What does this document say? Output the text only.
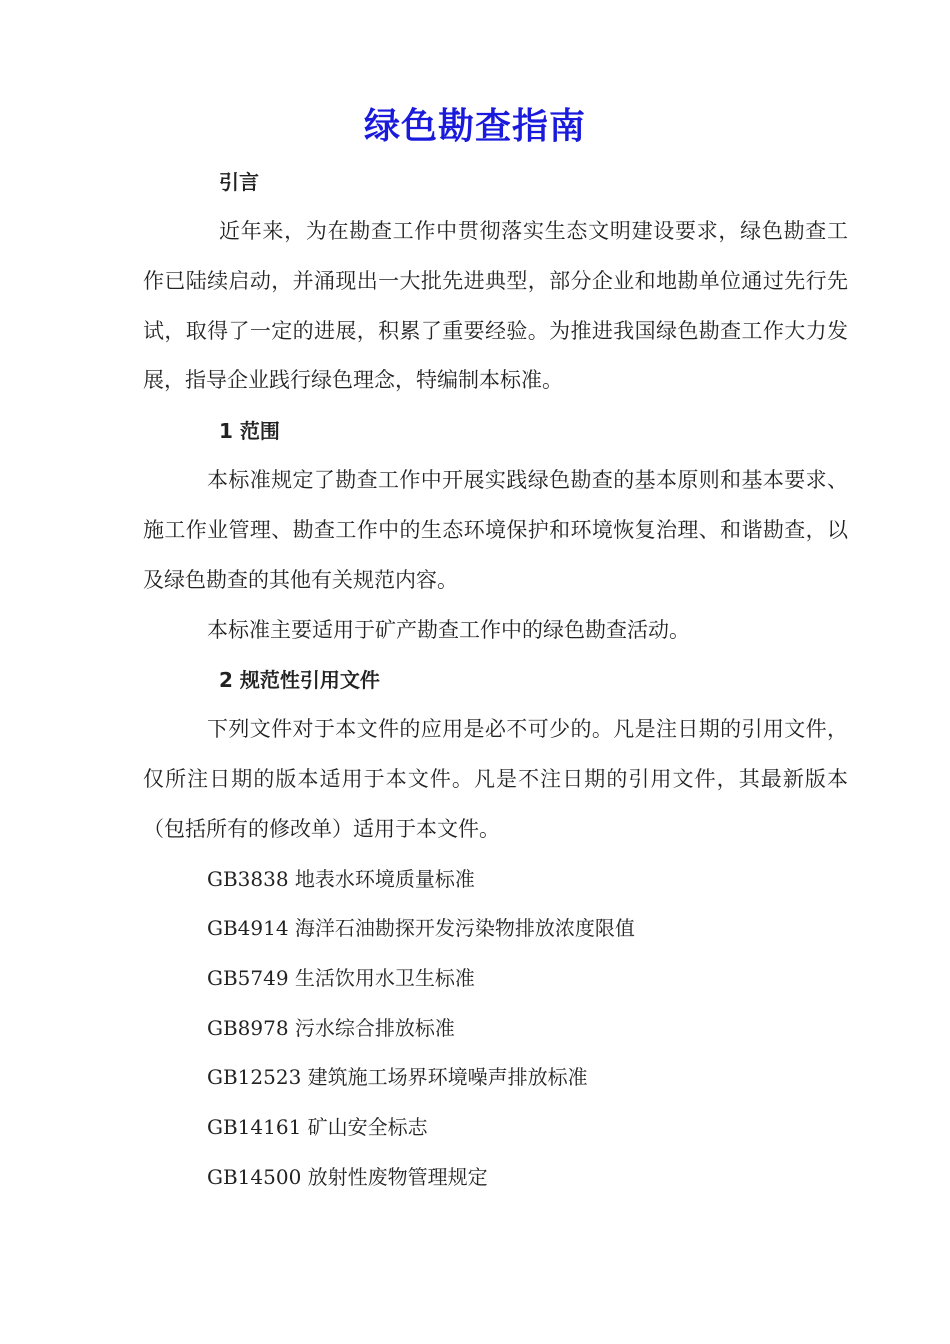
绿色勘查指南
引言
近年来，为在勘查工作中贯彻落实生态文明建设要求，绿色勘查工作已陆续启动，并涌现出一大批先进典型，部分企业和地勘单位通过先行先试，取得了一定的进展，积累了重要经验。为推进我国绿色勘查工作大力发展，指导企业践行绿色理念，特编制本标准。
1 范围
本标准规定了勘查工作中开展实践绿色勘查的基本原则和基本要求、施工作业管理、勘查工作中的生态环境保护和环境恢复治理、和谐勘查，以及绿色勘查的其他有关规范内容。
本标准主要适用于矿产勘查工作中的绿色勘查活动。
2 规范性引用文件
下列文件对于本文件的应用是必不可少的。凡是注日期的引用文件，仅所注日期的版本适用于本文件。凡是不注日期的引用文件，其最新版本（包括所有的修改单）适用于本文件。
GB3838 地表水环境质量标准
GB4914 海洋石油勘探开发污染物排放浓度限值
GB5749 生活饮用水卫生标准
GB8978 污水综合排放标准
GB12523 建筑施工场界环境噪声排放标准
GB14161 矿山安全标志
GB14500 放射性废物管理规定
